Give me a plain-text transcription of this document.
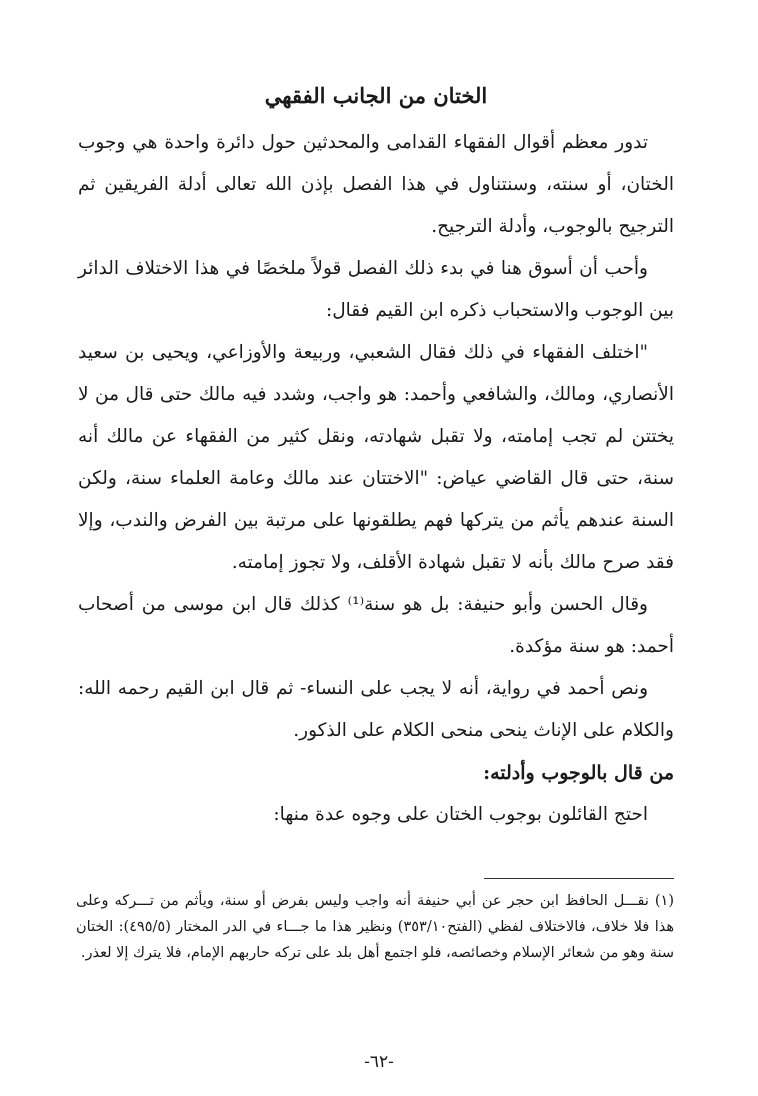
الختان من الجانب الفقهي

تدور معظم أقوال الفقهاء القدامى والمحدثين حول دائرة واحدة هي وجوب الختان، أو سنته، وسنتناول في هذا الفصل بإذن الله تعالى أدلة الفريقين ثم الترجيح بالوجوب، وأدلة الترجيح.

وأحب أن أسوق هنا في بدء ذلك الفصل قولاً ملخصًا في هذا الاختلاف الدائر بين الوجوب والاستحباب ذكره ابن القيم فقال:

"اختلف الفقهاء في ذلك فقال الشعبي، وربيعة والأوزاعي، ويحيى بن سعيد الأنصاري، ومالك، والشافعي وأحمد: هو واجب، وشدد فيه مالك حتى قال من لا يختتن لم تجب إمامته، ولا تقبل شهادته، ونقل كثير من الفقهاء عن مالك أنه سنة، حتى قال القاضي عياض: "الاختتان عند مالك وعامة العلماء سنة، ولكن السنة عندهم يأثم من يتركها فهم يطلقونها على مرتبة بين الفرض والندب، وإلا فقد صرح مالك بأنه لا تقبل شهادة الأقلف، ولا تجوز إمامته.

وقال الحسن وأبو حنيفة: بل هو سنة⁽¹⁾ كذلك قال ابن موسى من أصحاب أحمد: هو سنة مؤكدة.

ونص أحمد في رواية، أنه لا يجب على النساء- ثم قال ابن القيم رحمه الله: والكلام على الإناث ينحى منحى الكلام على الذكور.

من قال بالوجوب وأدلته:

احتج القائلون بوجوب الختان على وجوه عدة منها:

(١) نقـــل الحافظ ابن حجر عن أبي حنيفة أنه واجب وليس بفرض أو سنة، ويأثم من تـــركه وعلى هذا فلا خلاف، فالاختلاف لفظي (الفتح٣٥٣/١٠) ونظير هذا ما جـــاء في الدر المختار (٤٩٥/٥): الختان سنة وهو من شعائر الإسلام وخصائصه، فلو اجتمع أهل بلد على تركه حاربهم الإمام، فلا يترك إلا لعذر.

-٦٢-
